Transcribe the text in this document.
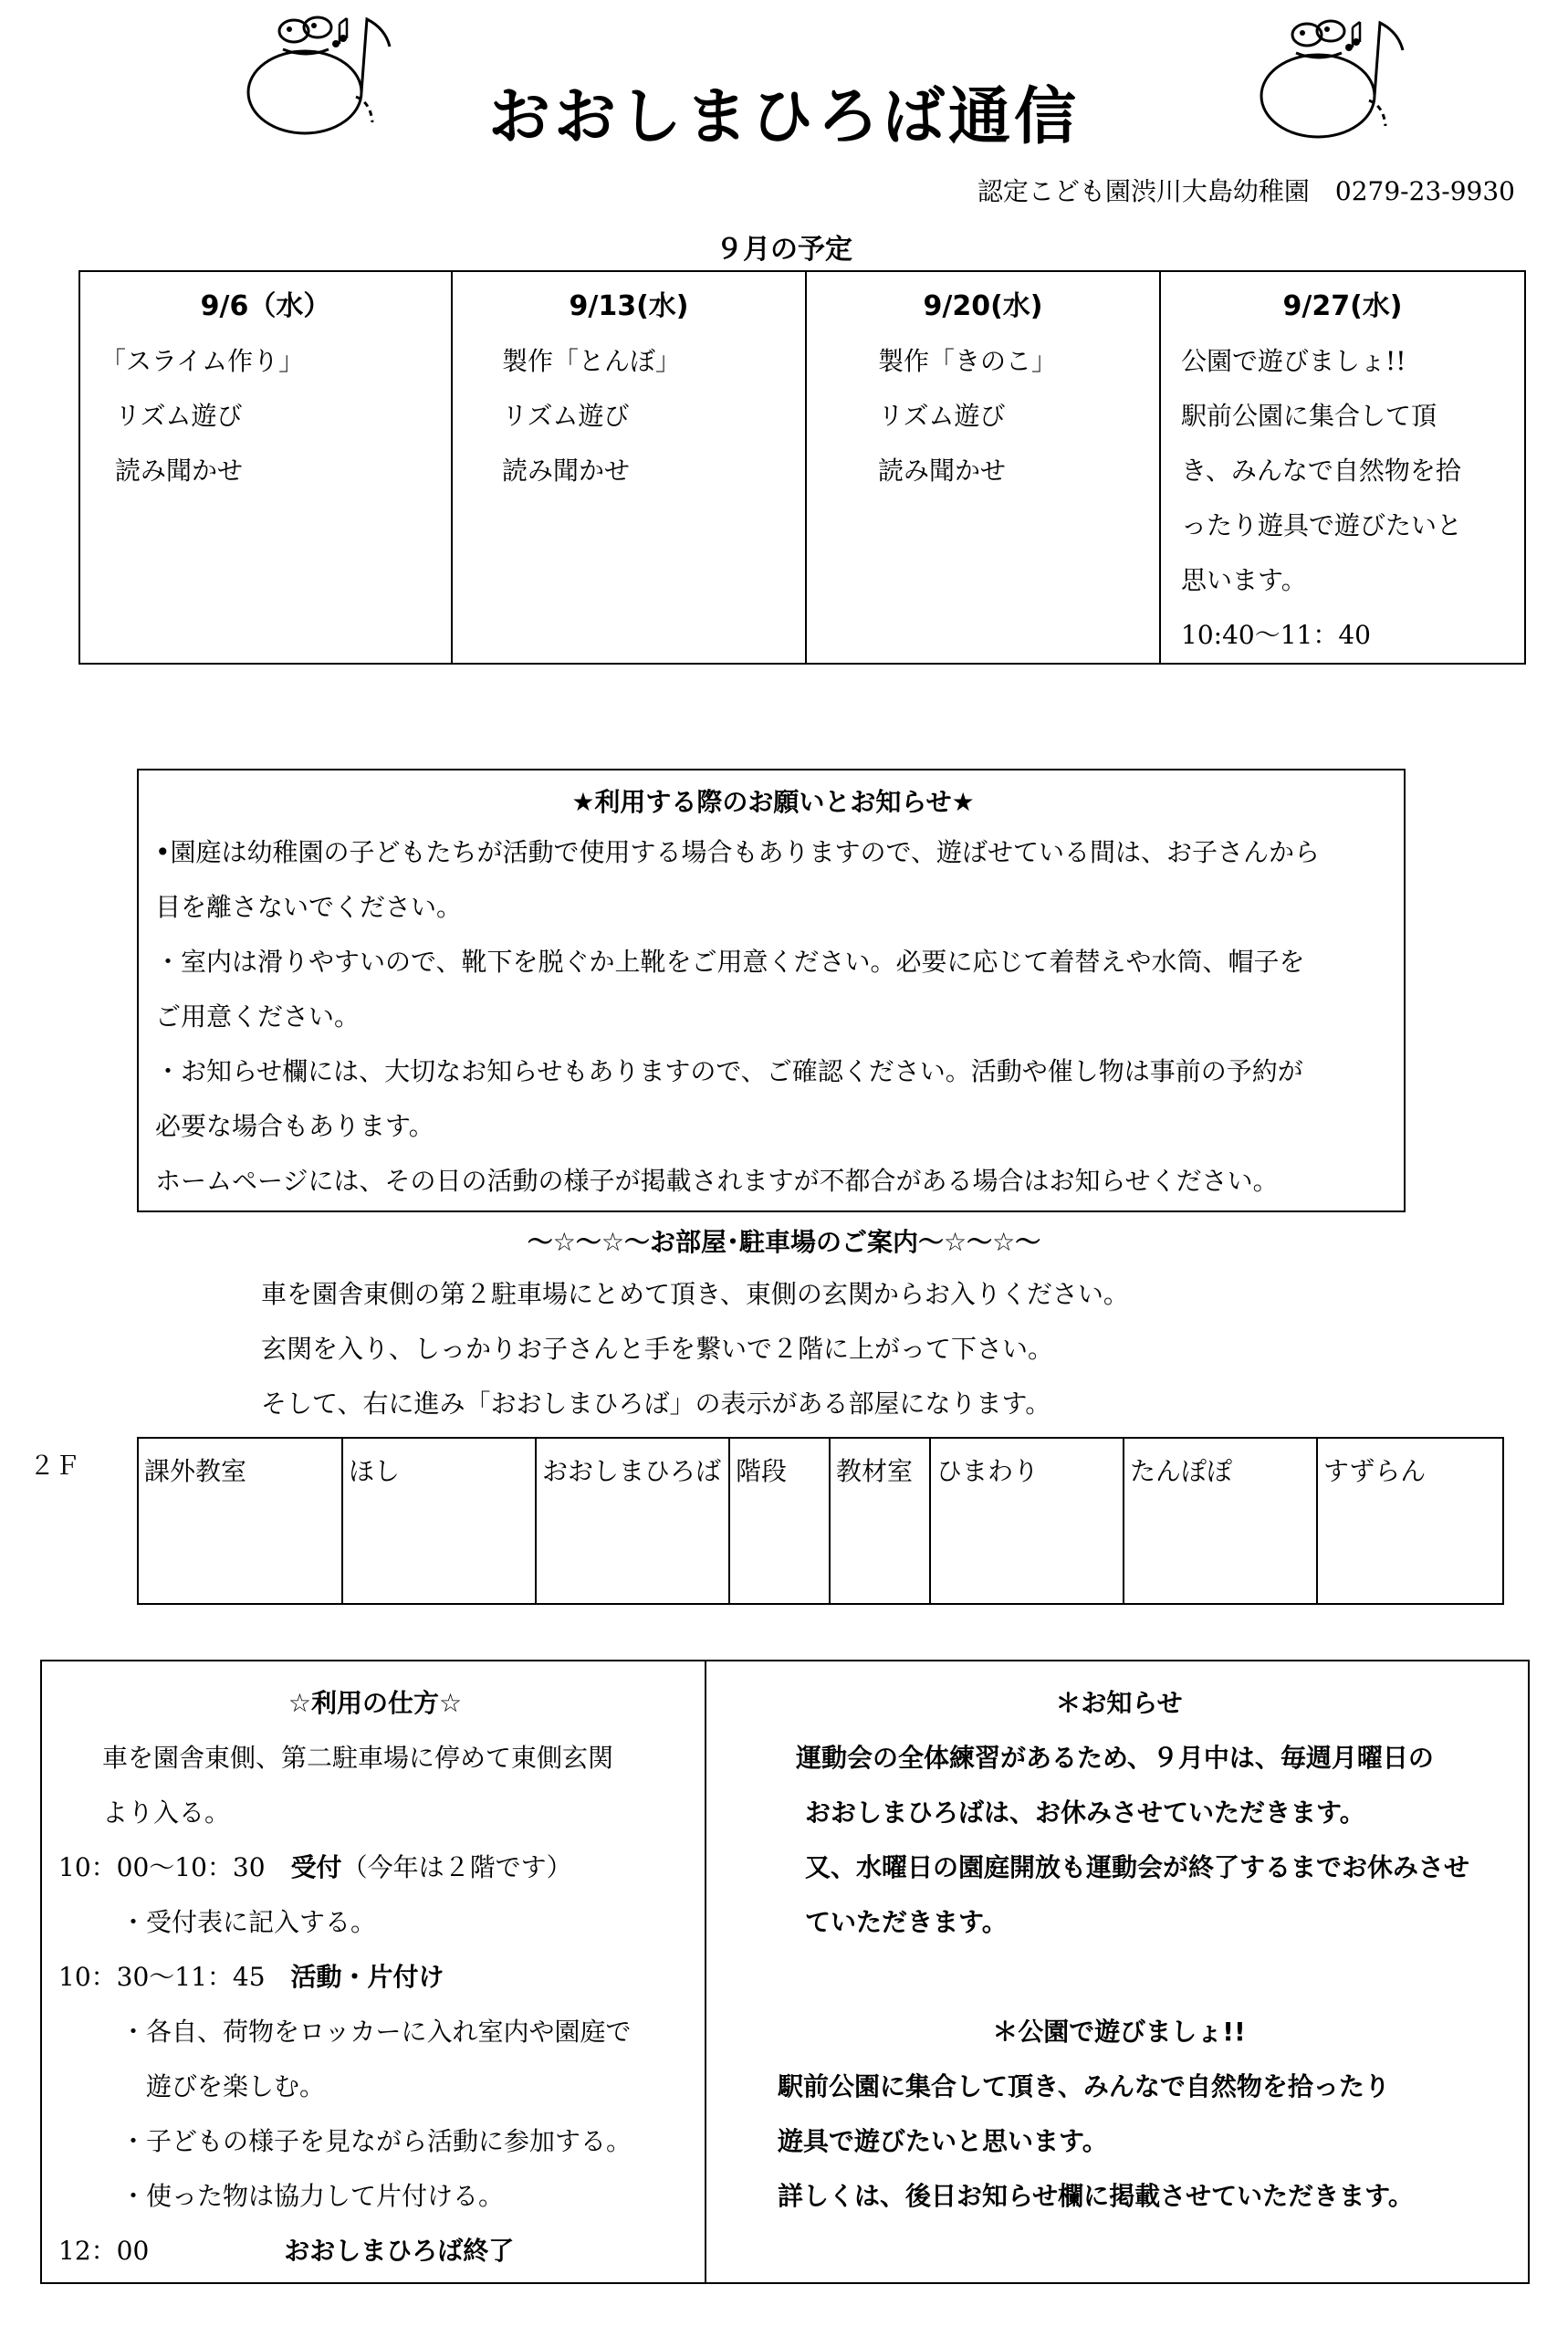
おおしまひろば通信
認定こども園渋川大島幼稚園　0279-23-9930
９月の予定
9/6（水）
「スライム作り」
リズム遊び
読み聞かせ

9/13(水)
製作「とんぼ」
リズム遊び
読み聞かせ

9/20(水)
製作「きのこ」
リズム遊び
読み聞かせ

9/27(水)
公園で遊びましょ!!
駅前公園に集合して頂
き、みんなで自然物を拾
ったり遊具で遊びたいと
思います。
10:40〜11：40
★利用する際のお願いとお知らせ★

•園庭は幼稚園の子どもたちが活動で使用する場合もありますので、遊ばせている間は、お子さんから

目を離さないでください。

・室内は滑りやすいので、靴下を脱ぐか上靴をご用意ください。必要に応じて着替えや水筒、帽子を

ご用意ください。

・お知らせ欄には、大切なお知らせもありますので、ご確認ください。活動や催し物は事前の予約が

必要な場合もあります。

ホームページには、その日の活動の様子が掲載されますが不都合がある場合はお知らせください。

〜☆〜☆〜お部屋･駐車場のご案内〜☆〜☆〜
車を園舎東側の第２駐車場にとめて頂き、東側の玄関からお入りください。
玄関を入り、しっかりお子さんと手を繋いで２階に上がって下さい。
そして、右に進み「おおしまひろば」の表示がある部屋になります。
２Ｆ 課外教室	ほし	おおしまひろば	階段	教材室	ひまわり	たんぽぽ	すずらん
☆利用の仕方☆
車を園舎東側、第二駐車場に停めて東側玄関
より入る。
10：00〜10：30　 受付（今年は２階です）
・受付表に記入する。
10：30〜11：45　 活動・片付け
・各自、荷物をロッカーに入れ室内や園庭で
遊びを楽しむ。
・子どもの様子を見ながら活動に参加する。
・使った物は協力して片付ける。
12：00	おおしまひろば終了

＊お知らせ
運動会の全体練習があるため、９月中は、毎週月曜日の
おおしまひろばは、お休みさせていただきます。
又、水曜日の園庭開放も運動会が終了するまでお休みさせ
ていただきます。
＊公園で遊びましょ!!
駅前公園に集合して頂き、みんなで自然物を拾ったり
遊具で遊びたいと思います。
詳しくは、後日お知らせ欄に掲載させていただきます。
